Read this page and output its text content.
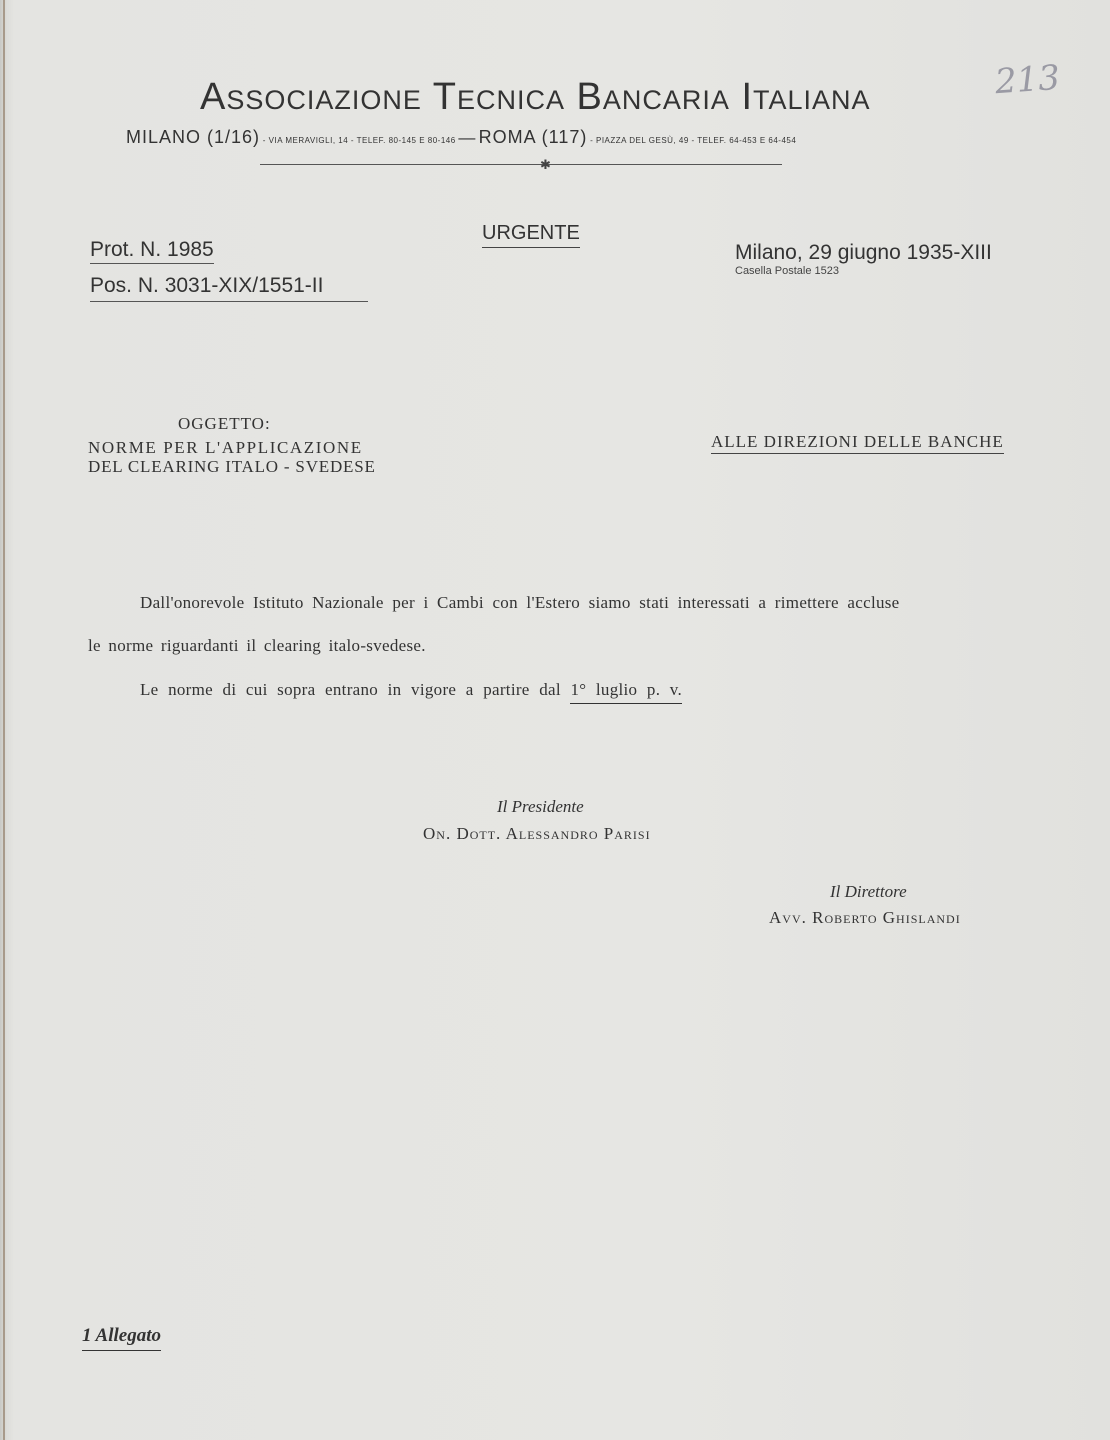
Associazione Tecnica Bancaria Italiana	213
MILANO (1/16) - VIA MERAVIGLI, 14 - TELEF. 80-145 E 80-146 — ROMA (117) - PIAZZA DEL GESÙ, 49 - TELEF. 64-453 E 64-454
✱
URGENTE
Prot. N. 1985
Pos. N. 3031-XIX/1551-II
Milano, 29 giugno 1935-XIII
Casella Postale 1523
OGGETTO:
NORME PER L'APPLICAZIONE
DEL CLEARING ITALO - SVEDESE
ALLE DIREZIONI DELLE BANCHE
Dall'onorevole Istituto Nazionale per i Cambi con l'Estero siamo stati interessati a rimettere accluse
le norme riguardanti il clearing italo-svedese.
Le norme di cui sopra entrano in vigore a partire dal 1° luglio p. v.
Il Presidente
On. Dott. Alessandro Parisi
Il Direttore
Avv. Roberto Ghislandi
1 Allegato
